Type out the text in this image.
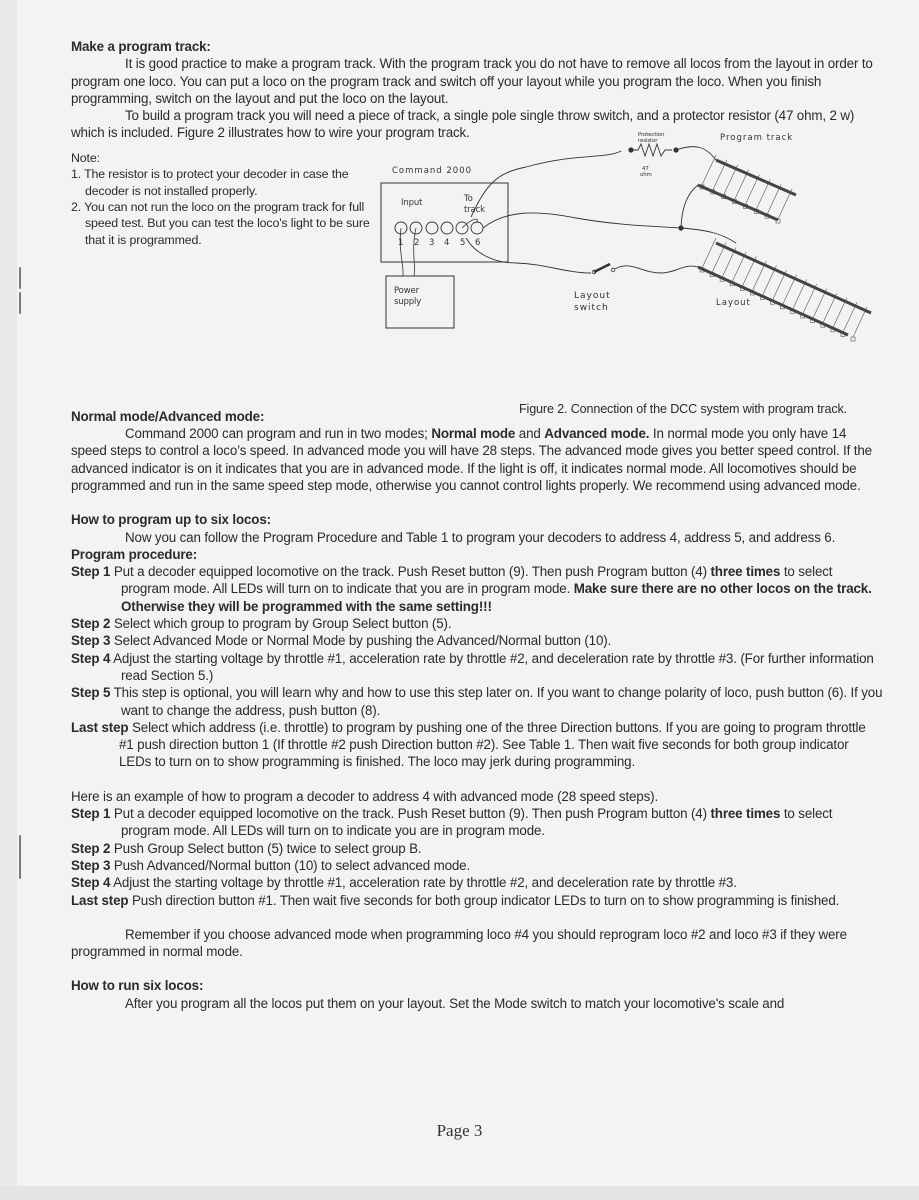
Make a program track:

It is good practice to make a program track. With the program track you do not have to remove all locos from the layout in order to program one loco. You can put a loco on the program track and switch off your layout while you program the loco. When you finish programming, switch on the layout and put the loco on the layout.

To build a program track you will need a piece of track, a single pole single throw switch, and a protector resistor (47 ohm, 2 w) which is included. Figure 2 illustrates how to wire your program track.

Note:

1. The resistor is to protect your decoder in case the decoder is not installed properly.

2. You can not run the loco on the program track for full speed test. But you can test the loco's light to be sure that it is programmed.

Command 2000
Input	To
track
1 2 3 4 5 6
Power
supply
Protection
resistor
47
ohm
Program track
Layout
switch	Layout
Figure 2. Connection of the DCC system with program track.

Normal mode/Advanced mode:

Command 2000 can program and run in two modes; Normal mode and Advanced mode. In normal mode you only have 14 speed steps to control a loco’s speed. In advanced mode you will have 28 steps. The advanced mode gives you better speed control. If the advanced indicator is on it indicates that you are in advanced mode. If the light is off, it indicates normal mode. All locomotives should be programmed and run in the same speed step mode, otherwise you cannot control lights properly. We recommend using advanced mode.

How to program up to six locos:

Now you can follow the Program Procedure and Table 1 to program your decoders to address 4, address 5, and address 6.

Program procedure:

Step 1 Put a decoder equipped locomotive on the track. Push Reset button (9). Then push Program button (4) three times to select program mode. All LEDs will turn on to indicate that you are in program mode. Make sure there are no other locos on the track. Otherwise they will be programmed with the same setting!!!

Step 2 Select which group to program by Group Select button (5).

Step 3 Select Advanced Mode or Normal Mode by pushing the Advanced/Normal button (10).

Step 4 Adjust the starting voltage by throttle #1, acceleration rate by throttle #2, and deceleration rate by throttle #3. (For further information read Section 5.)

Step 5 This step is optional, you will learn why and how to use this step later on. If you want to change polarity of loco, push button (6). If you want to change the address, push button (8).

Last step Select which address (i.e. throttle) to program by pushing one of the three Direction buttons. If you are going to program throttle #1 push direction button 1 (If throttle #2 push Direction button #2). See Table 1. Then wait five seconds for both group indicator LEDs to turn on to show programming is finished. The loco may jerk during programming.

Here is an example of how to program a decoder to address 4 with advanced mode (28 speed steps).

Step 1 Put a decoder equipped locomotive on the track. Push Reset button (9). Then push Program button (4) three times to select program mode. All LEDs will turn on to indicate you are in program mode.

Step 2 Push Group Select button (5) twice to select group B.

Step 3 Push Advanced/Normal button (10) to select advanced mode.

Step 4 Adjust the starting voltage by throttle #1, acceleration rate by throttle #2, and deceleration rate by throttle #3.

Last step Push direction button #1. Then wait five seconds for both group indicator LEDs to turn on to show programming is finished.

Remember if you choose advanced mode when programming loco #4 you should reprogram loco #2 and loco #3 if they were programmed in normal mode.

How to run six locos:

After you program all the locos put them on your layout. Set the Mode switch to match your locomotive's scale and

Page 3
